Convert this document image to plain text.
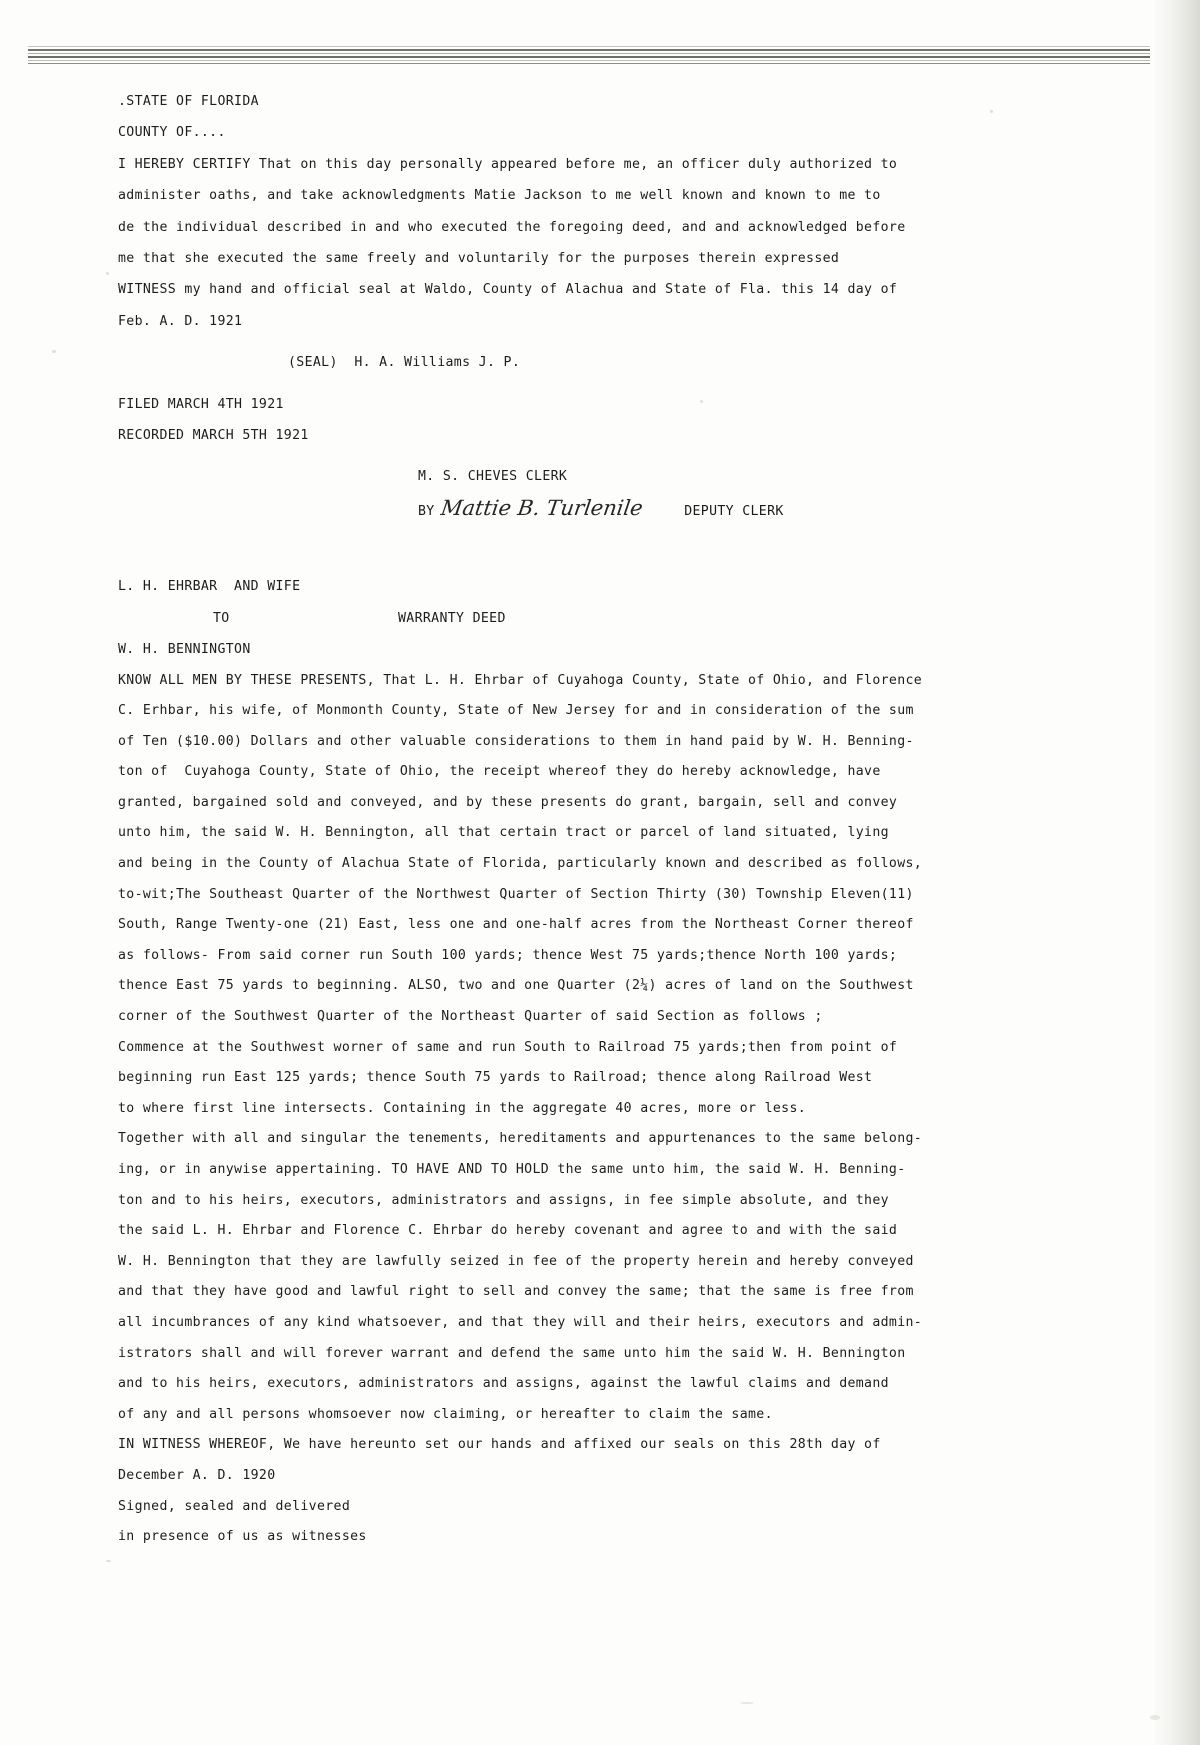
.STATE OF FLORIDA
COUNTY OF....
I HEREBY CERTIFY That on this day personally appeared before me, an officer duly authorized to
administer oaths, and take acknowledgments Matie Jackson to me well known and known to me to
de the individual described in and who executed the foregoing deed, and and acknowledged before
me that she executed the same freely and voluntarily for the purposes therein expressed
WITNESS my hand and official seal at Waldo, County of Alachua and State of Fla. this 14 day of
Feb. A. D. 1921
(SEAL)  H. A. Williams J. P.
FILED MARCH 4TH 1921
RECORDED MARCH 5TH 1921
M. S. CHEVES CLERK
BY Mattie B. Turlenile	DEPUTY CLERK
L. H. EHRBAR  AND WIFE
TO	WARRANTY DEED
W. H. BENNINGTON
KNOW ALL MEN BY THESE PRESENTS, That L. H. Ehrbar of Cuyahoga County, State of Ohio, and Florence
C. Erhbar, his wife, of Monmonth County, State of New Jersey for and in consideration of the sum
of Ten ($10.00) Dollars and other valuable considerations to them in hand paid by W. H. Benning-
ton of  Cuyahoga County, State of Ohio, the receipt whereof they do hereby acknowledge, have
granted, bargained sold and conveyed, and by these presents do grant, bargain, sell and convey
unto him, the said W. H. Bennington, all that certain tract or parcel of land situated, lying
and being in the County of Alachua State of Florida, particularly known and described as follows,
to-wit;The Southeast Quarter of the Northwest Quarter of Section Thirty (30) Township Eleven(11)
South, Range Twenty-one (21) East, less one and one-half acres from the Northeast Corner thereof
as follows- From said corner run South 100 yards; thence West 75 yards;thence North 100 yards;
thence East 75 yards to beginning. ALSO, two and one Quarter (2¼) acres of land on the Southwest
corner of the Southwest Quarter of the Northeast Quarter of said Section as follows ;
Commence at the Southwest worner of same and run South to Railroad 75 yards;then from point of
beginning run East 125 yards; thence South 75 yards to Railroad; thence along Railroad West
to where first line intersects. Containing in the aggregate 40 acres, more or less.
Together with all and singular the tenements, hereditaments and appurtenances to the same belong-
ing, or in anywise appertaining. TO HAVE AND TO HOLD the same unto him, the said W. H. Benning-
ton and to his heirs, executors, administrators and assigns, in fee simple absolute, and they
the said L. H. Ehrbar and Florence C. Ehrbar do hereby covenant and agree to and with the said
W. H. Bennington that they are lawfully seized in fee of the property herein and hereby conveyed
and that they have good and lawful right to sell and convey the same; that the same is free from
all incumbrances of any kind whatsoever, and that they will and their heirs, executors and admin-
istrators shall and will forever warrant and defend the same unto him the said W. H. Bennington
and to his heirs, executors, administrators and assigns, against the lawful claims and demand
of any and all persons whomsoever now claiming, or hereafter to claim the same.
IN WITNESS WHEREOF, We have hereunto set our hands and affixed our seals on this 28th day of
December A. D. 1920
Signed, sealed and delivered
in presence of us as witnesses
